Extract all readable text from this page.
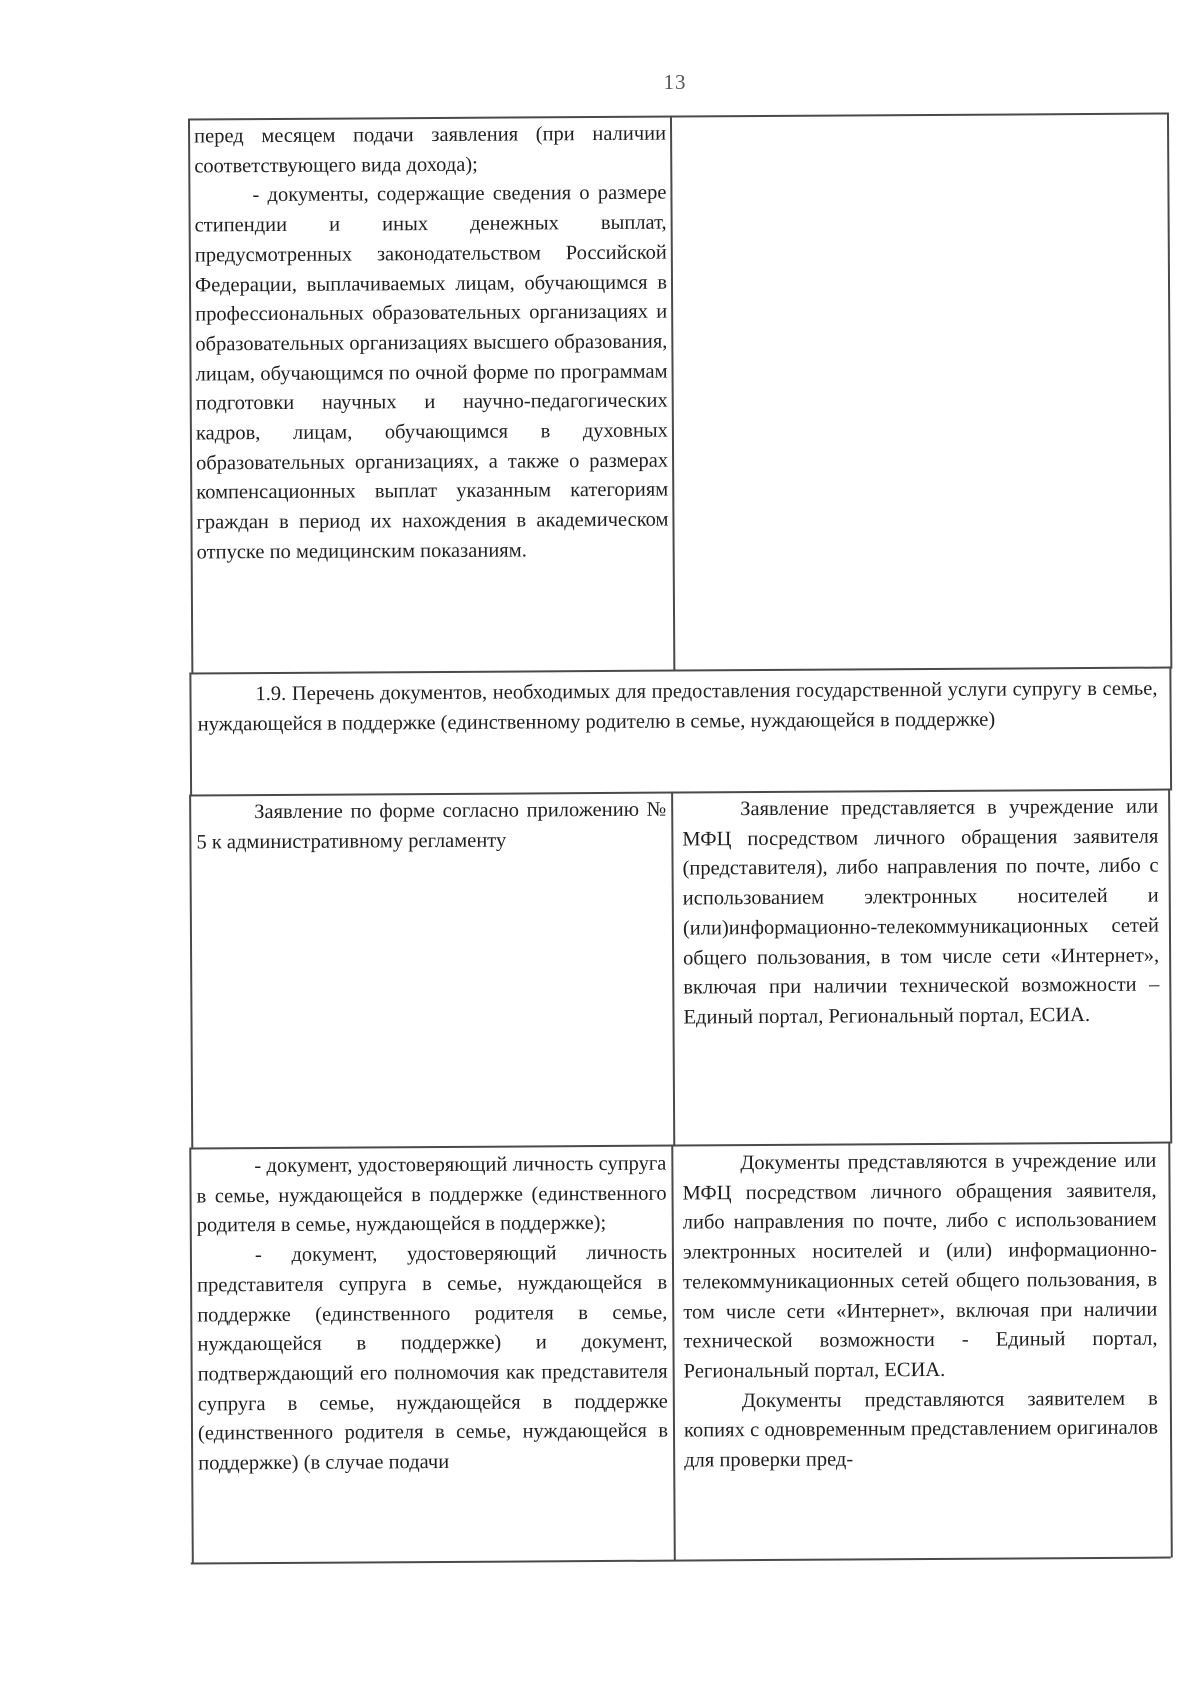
13

перед месяцем подачи заявления (при наличии соответствующего вида дохода);

- документы, содержащие сведения о размере стипендии и иных денежных выплат, предусмотренных законодательством Российской Федерации, выплачиваемых лицам, обучающимся в профессиональных образовательных организациях и образовательных организациях высшего образования, лицам, обучающимся по очной форме по программам подготовки научных и научно-педагогических кадров, лицам, обучающимся в духовных образовательных организациях, а также о размерах компенсационных выплат указанным категориям граждан в период их нахождения в академическом отпуске по медицинским показаниям.

1.9. Перечень документов, необходимых для предоставления государственной услуги супругу в семье, нуждающейся в поддержке (единственному родителю в семье, нуждающейся в поддержке)

Заявление по форме согласно приложению № 5 к административному регламенту

Заявление представляется в учреждение или МФЦ посредством личного обращения заявителя (представителя), либо направления по почте, либо с использованием электронных носителей и (или)информационно-телекоммуникационных сетей общего пользования, в том числе сети «Интернет», включая при наличии технической возможности – Единый портал, Региональный портал, ЕСИА.

- документ, удостоверяющий личность супруга в семье, нуждающейся в поддержке (единственного родителя в семье, нуждающейся в поддержке);

- документ, удостоверяющий личность представителя супруга в семье, нуждающейся в поддержке (единственного родителя в семье, нуждающейся в поддержке) и документ, подтверждающий его полномочия как представителя супруга в семье, нуждающейся в поддержке (единственного родителя в семье, нуждающейся в поддержке) (в случае подачи

Документы представляются в учреждение или МФЦ посредством личного обращения заявителя, либо направления по почте, либо с использованием электронных носителей и (или) информационно-телекоммуникационных сетей общего пользования, в том числе сети «Интернет», включая при наличии технической возможности - Единый портал, Региональный портал, ЕСИА.

Документы представляются заявителем в копиях с одновременным представлением оригиналов для проверки пред-
